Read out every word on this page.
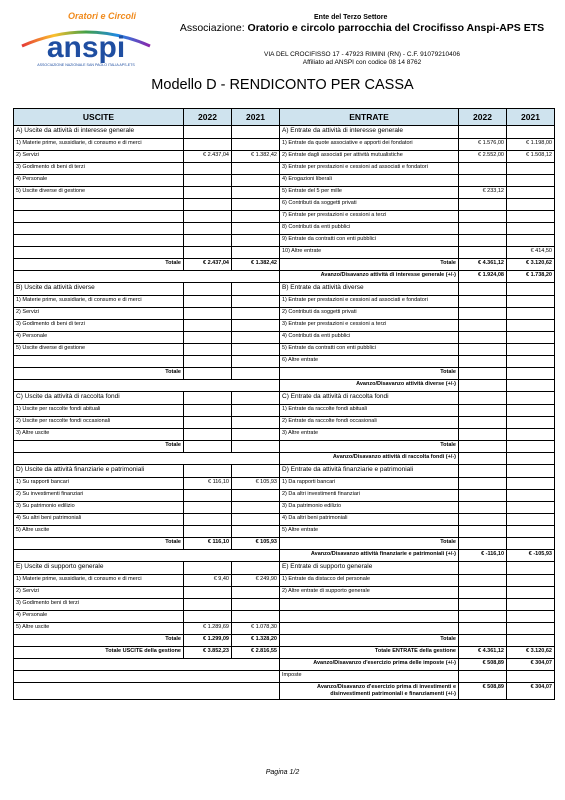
Oratori e Circoli
anspi
ASSOCIAZIONE NAZIONALE SAN PAOLO ITALIA APS-ETS
Ente del Terzo Settore
Associazione: Oratorio e circolo parrocchia del Crocifisso Anspi-APS ETS
VIA DEL CROCIFISSO 17 - 47923 RIMINI (RN) - C.F. 91079210406
Affiliato ad ANSPI con codice 08 14 8762
Modello D - RENDICONTO PER CASSA
USCITE	2022	2021	ENTRATE	2022	2021
A) Uscite da attività di interesse generale			A) Entrate da attività di interesse generale		
1) Materie prime, sussidiarie, di consumo e di merci			1) Entrate da quote associative e apporti dei fondatori	€ 1.576,00	€ 1.198,00
2) Servizi	€ 2.437,04	€ 1.382,42	2) Entrate dagli associati per attività mutualistiche	€ 2.552,00	€ 1.508,12
3) Godimento di beni di terzi			3) Entrate per prestazioni e cessioni ad associati e fondatori		
4) Personale			4) Erogazioni liberali		
5) Uscite diverse di gestione			5) Entrate del 5 per mille	€ 233,12	
			6) Contributi da soggetti privati		
			7) Entrate per prestazioni e cessioni a terzi		
			8) Contributi da enti pubblici		
			9) Entrate da contratti con enti pubblici		
			10) Altre entrate		€ 414,50
Totale	€ 2.437,04	€ 1.382,42	Totale	€ 4.361,12	€ 3.120,62
			Avanzo/Disavanzo attività di interesse generale (+/-)	€ 1.924,08	€ 1.738,20
B) Uscite da attività diverse			B) Entrate da attività diverse		
1) Materie prime, sussidiarie, di consumo e di merci			1) Entrate per prestazioni e cessioni ad associati e fondatori		
2) Servizi			2) Contributi da soggetti privati		
3) Godimento di beni di terzi			3) Entrate per prestazioni e cessioni a terzi		
4) Personale			4) Contributi da enti pubblici		
5) Uscite diverse di gestione			5) Entrate da contratti con enti pubblici		
			6) Altre entrate		
Totale			Totale		
			Avanzo/Disavanzo attività diverse (+/-)		
C) Uscite da attività di raccolta fondi			C) Entrate da attività di raccolta fondi		
1) Uscite per raccolte fondi abituali			1) Entrate da raccolte fondi abituali		
2) Uscite per raccolte fondi occasionali			2) Entrate da raccolte fondi occasionali		
3) Altre uscite			3) Altre entrate		
Totale			Totale		
			Avanzo/Disavanzo attività di raccolta fondi (+/-)		
D) Uscite da attività finanziarie e patrimoniali			D) Entrate da attività finanziarie e patrimoniali		
1) Su rapporti bancari	€ 116,10	€ 105,93	1) Da rapporti bancari		
2) Su investimenti finanziari			2) Da altri investimenti finanziari		
3) Su patrimonio edilizio			3) Da patrimonio edilizio		
4) Su altri beni patrimoniali			4) Da altri beni patrimoniali		
5) Altre uscite			5) Altre entrate		
Totale	€ 116,10	€ 105,93	Totale		
			Avanzo/Disavanzo attività finanziarie e patrimoniali (+/-)	€ -116,10	€ -105,93
E) Uscite di supporto generale			E) Entrate di supporto generale		
1) Materie prime, sussidiarie, di consumo e di merci	€ 9,40	€ 249,90	1) Entrate da distacco del personale		
2) Servizi			2) Altre entrate di supporto generale		
3) Godimento beni di terzi					
4) Personale					
5) Altre uscite	€ 1.289,69	€ 1.078,30			
Totale	€ 1.299,09	€ 1.328,20	Totale		
Totale USCITE della gestione	€ 3.852,23	€ 2.816,55	Totale ENTRATE della gestione	€ 4.361,12	€ 3.120,62
			Avanzo/Disavanzo d'esercizio prima delle imposte (+/-)	€ 508,89	€ 304,07
			Imposte		
			Avanzo/Disavanzo d'esercizio prima di investimenti e disinvestimenti patrimoniali e finanziamenti (+/-)	€ 508,89	€ 304,07
Pagina 1/2
